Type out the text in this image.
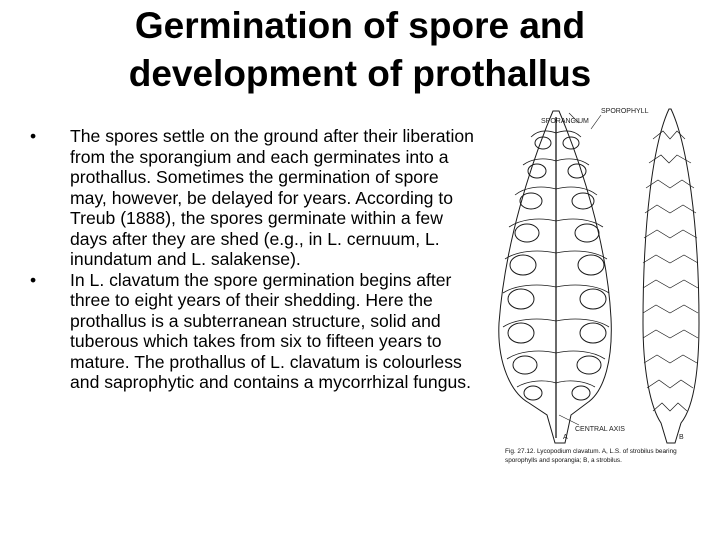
Germination of spore and
development of prothallus
•	The spores settle on the ground after their liberation from the sporangium and each germinates into a prothallus. Sometimes the germination of spore may, however, be delayed for years. According to Treub (1888), the spores germinate within a few days after they are shed (e.g., in L. cernuum, L. inundatum and L. salakense).
•	In L. clavatum the spore germination begins after three to eight years of their shedding. Here the prothallus is a subterranean structure, solid and tuberous which takes from six to fifteen years to mature. The prothallus of L. clavatum is colourless and saprophytic and contains a mycorrhizal fungus.
SPORANGIUM
SPOROPHYLL
CENTRAL AXIS
A	B
Fig. 27.12. Lycopodium clavatum. A, L.S. of strobilus bearing
sporophylls and sporangia; B, a strobilus.
